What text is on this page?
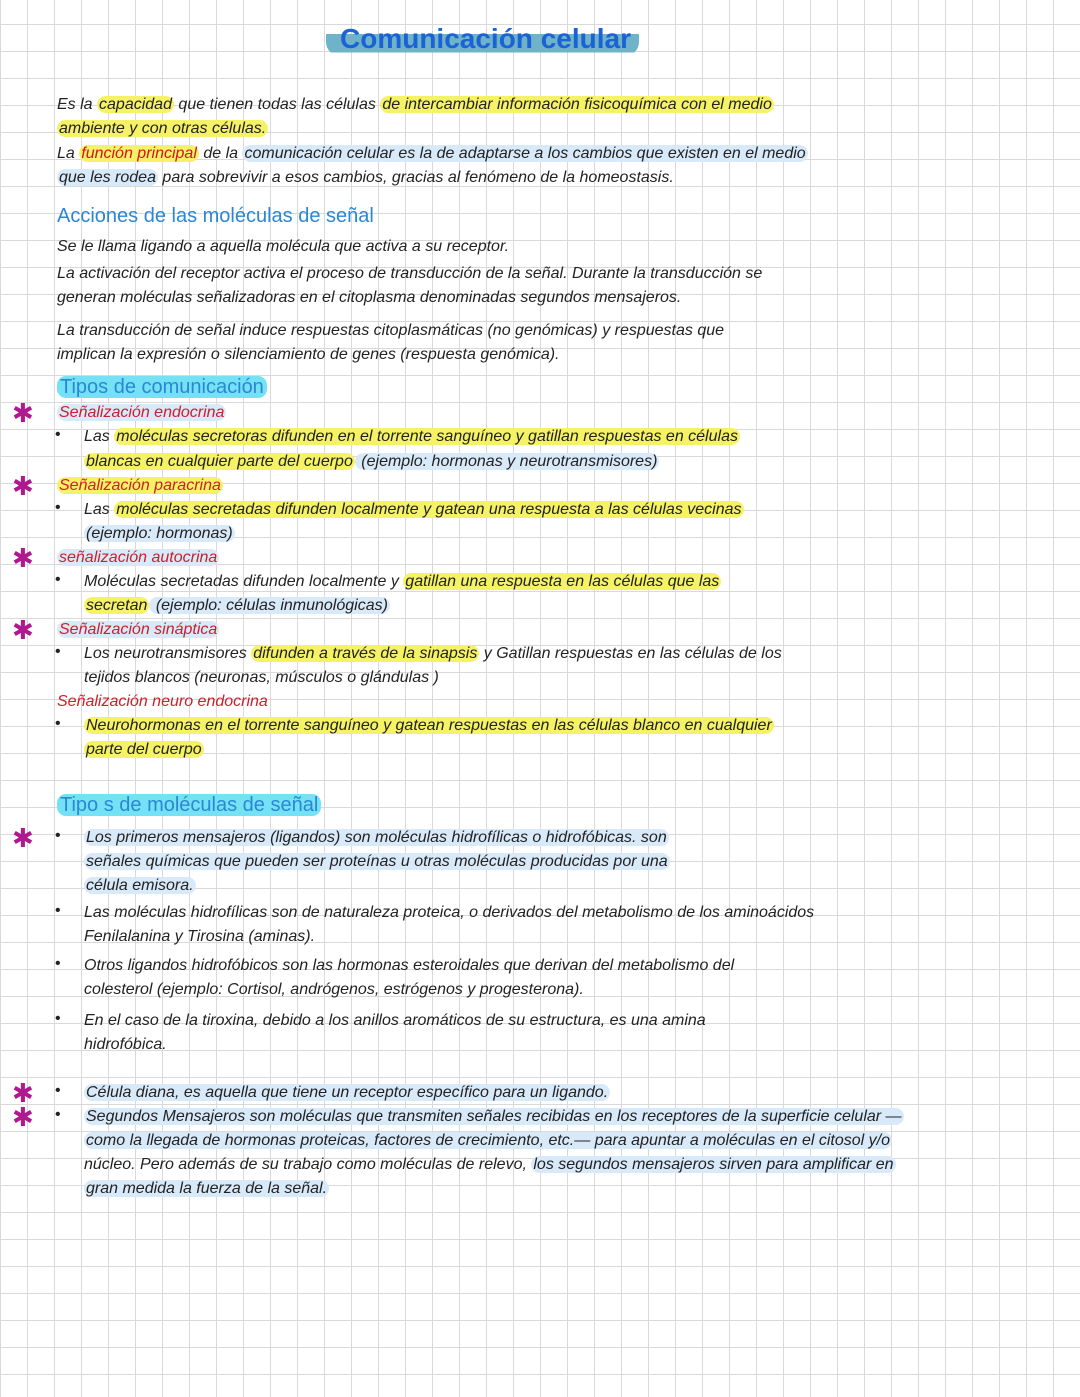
Comunicación celular
Es la capacidad que tienen todas las células de intercambiar información fisicoquímica con el medio
ambiente y con otras células.
La función principal de la comunicación celular es la de adaptarse a los cambios que existen en el medio
que les rodea para sobrevivir a esos cambios, gracias al fenómeno de la homeostasis.
Acciones de las moléculas de señal
Se le llama ligando a aquella molécula que activa a su receptor.
La activación del receptor activa el proceso de transducción de la señal. Durante la transducción se
generan moléculas señalizadoras en el citoplasma denominadas segundos mensajeros.
La transducción de señal induce respuestas citoplasmáticas (no genómicas) y respuestas que
implican la expresión o silenciamiento de genes (respuesta genómica).
Tipos de comunicación
Señalización endocrina
✱
Las moléculas secretoras difunden en el torrente sanguíneo y gatillan respuestas en células
•
blancas en cualquier parte del cuerpo (ejemplo: hormonas y neurotransmisores)
Señalización paracrina
✱
Las moléculas secretadas difunden localmente y gatean una respuesta a las células vecinas
•
(ejemplo: hormonas)
señalización autocrina
✱
Moléculas secretadas difunden localmente y gatillan una respuesta en las células que las
•
secretan (ejemplo: células inmunológicas)
Señalización sináptica
✱
Los neurotransmisores difunden a través de la sinapsis y Gatillan respuestas en las células de los
•
tejidos blancos (neuronas, músculos o glándulas )
Señalización neuro endocrina
Neurohormonas en el torrente sanguíneo y gatean respuestas en las células blanco en cualquier
•
parte del cuerpo
Tipo s de moléculas de señal
Los primeros mensajeros (ligandos) son moléculas hidrofílicas o hidrofóbicas. son
•
✱
señales químicas que pueden ser proteínas u otras moléculas producidas por una
célula emisora.
Las moléculas hidrofílicas son de naturaleza proteica, o derivados del metabolismo de los aminoácidos
•
Fenilalanina y Tirosina (aminas).
Otros ligandos hidrofóbicos son las hormonas esteroidales que derivan del metabolismo del
•
colesterol (ejemplo: Cortisol, andrógenos, estrógenos y progesterona).
En el caso de la tiroxina, debido a los anillos aromáticos de su estructura, es una amina
•
hidrofóbica.
Célula diana, es aquella que tiene un receptor específico para un ligando.
•
✱
Segundos Mensajeros son moléculas que transmiten señales recibidas en los receptores de la superficie celular —
•
✱
como la llegada de hormonas proteicas, factores de crecimiento, etc.— para apuntar a moléculas en el citosol y/o
núcleo. Pero además de su trabajo como moléculas de relevo, los segundos mensajeros sirven para amplificar en
gran medida la fuerza de la señal.
